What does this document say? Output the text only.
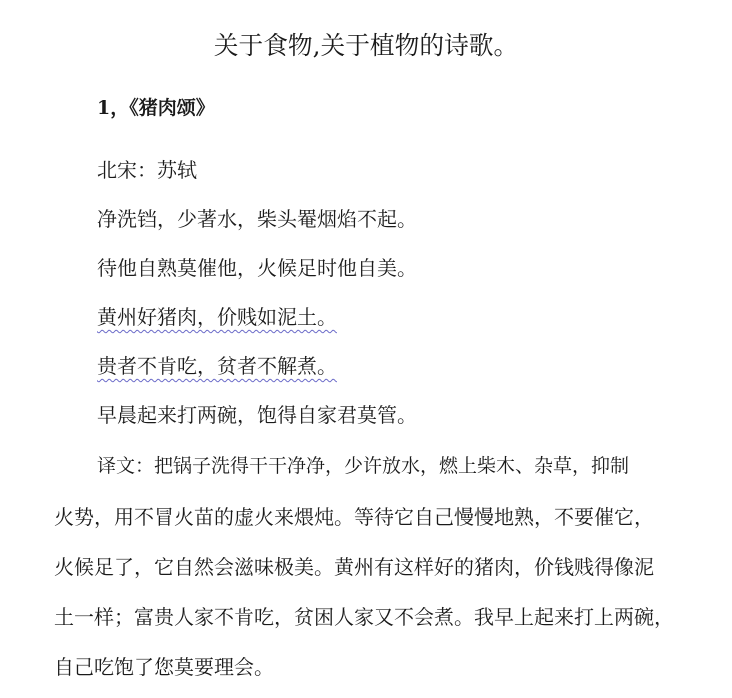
关于食物,关于植物的诗歌。
1，《猪肉颂》
北宋：苏轼
净洗铛，少著水，柴头罨烟焰不起。
待他自熟莫催他，火候足时他自美。
黄州好猪肉，价贱如泥土。
贵者不肯吃，贫者不解煮。
早晨起来打两碗，饱得自家君莫管。
译文：把锅子洗得干干净净，少许放水，燃上柴木、杂草，抑制
火势，用不冒火苗的虚火来煨炖。等待它自己慢慢地熟，不要催它，
火候足了，它自然会滋味极美。黄州有这样好的猪肉，价钱贱得像泥
土一样；富贵人家不肯吃，贫困人家又不会煮。我早上起来打上两碗，
自己吃饱了您莫要理会。
